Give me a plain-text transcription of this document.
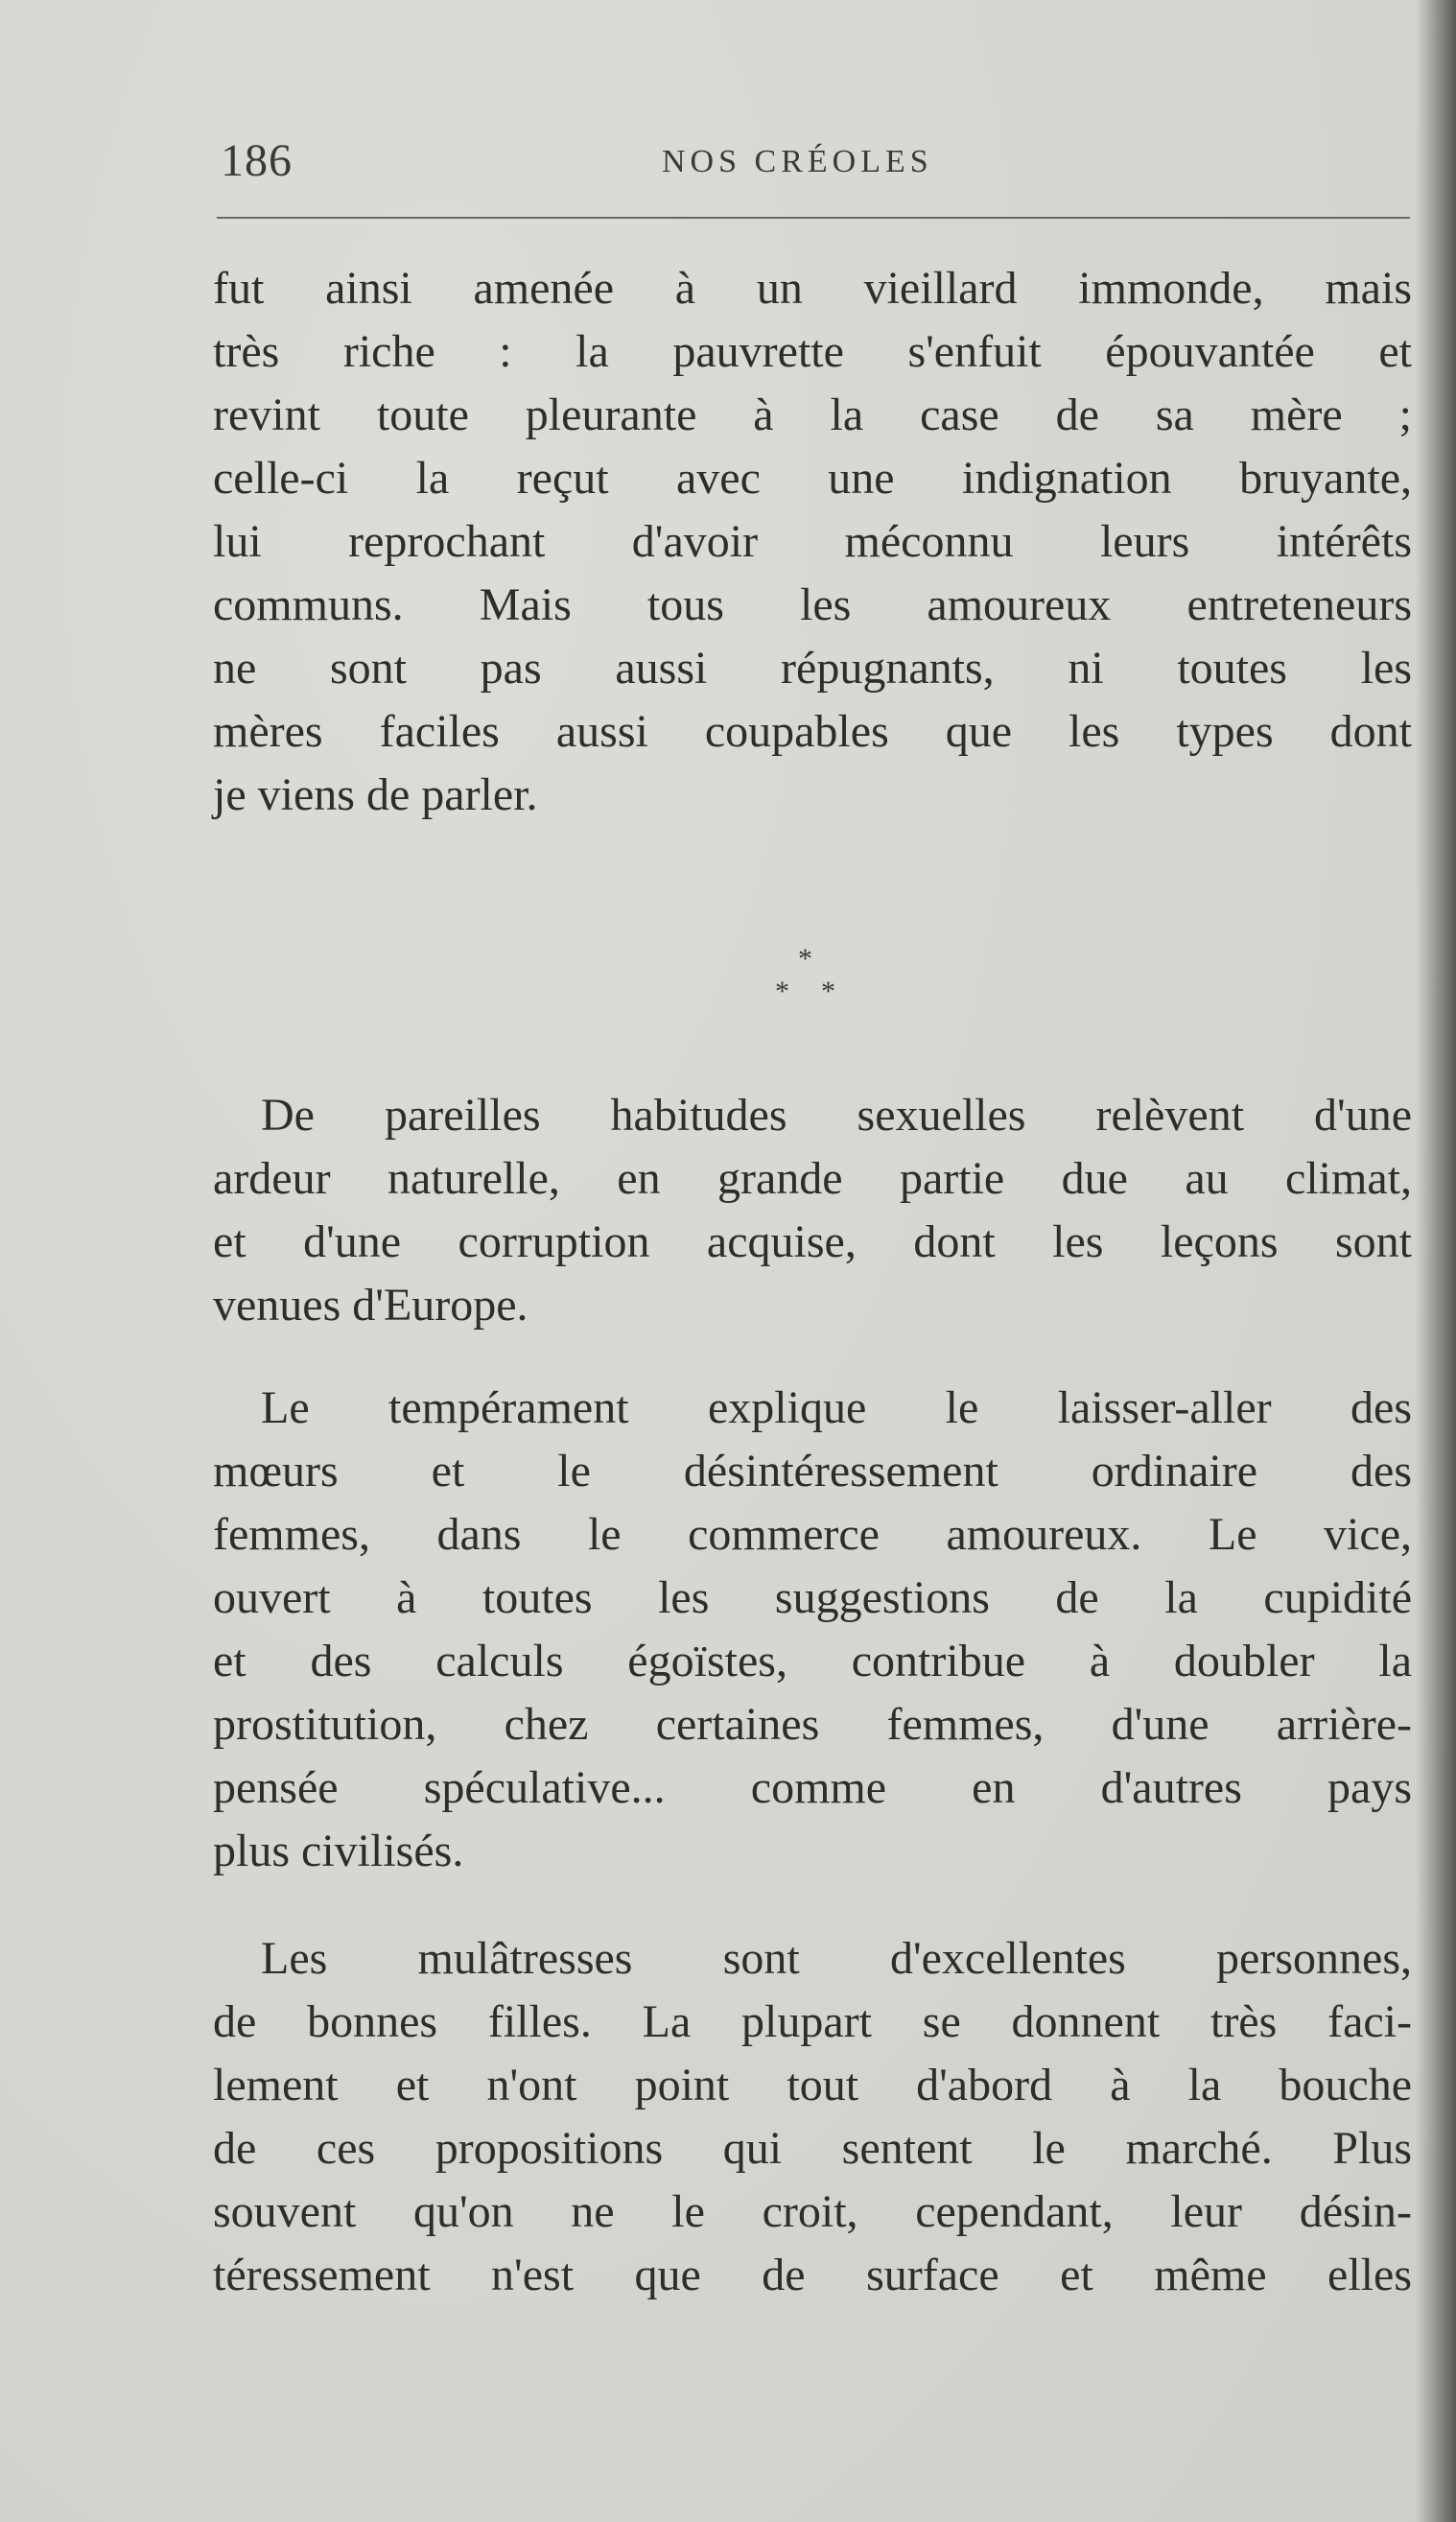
186	NOS CRÉOLES
fut ainsi amenée à un vieillard immonde, mais
très riche : la pauvrette s'enfuit épouvantée et
revint toute pleurante à la case de sa mère ;
celle-ci la reçut avec une indignation bruyante,
lui reprochant d'avoir méconnu leurs intérêts
communs. Mais tous les amoureux entreteneurs
ne sont pas aussi répugnants, ni toutes les
mères faciles aussi coupables que les types dont
je viens de parler.
*
* *
De pareilles habitudes sexuelles relèvent d'une
ardeur naturelle, en grande partie due au climat,
et d'une corruption acquise, dont les leçons sont
venues d'Europe.
Le tempérament explique le laisser-aller des
mœurs et le désintéressement ordinaire des
femmes, dans le commerce amoureux. Le vice,
ouvert à toutes les suggestions de la cupidité
et des calculs égoïstes, contribue à doubler la
prostitution, chez certaines femmes, d'une arrière-
pensée spéculative... comme en d'autres pays
plus civilisés.
Les mulâtresses sont d'excellentes personnes,
de bonnes filles. La plupart se donnent très faci-
lement et n'ont point tout d'abord à la bouche
de ces propositions qui sentent le marché. Plus
souvent qu'on ne le croit, cependant, leur désin-
téressement n'est que de surface et même elles
